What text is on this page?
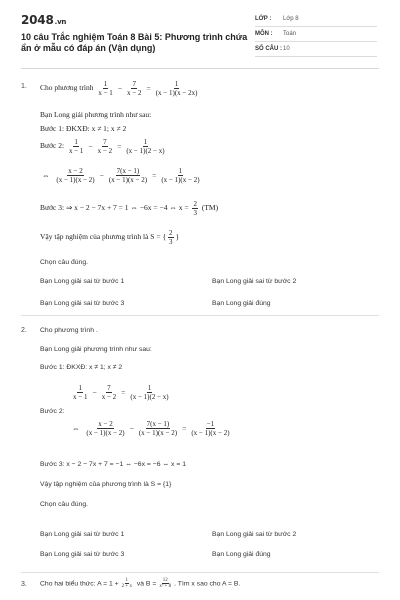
2048.vn
10 câu Trắc nghiệm Toán 8 Bài 5: Phương trình chứa ẩn ở mẫu có đáp án (Vận dụng)
LỚP : Lớp 8
MÔN : Toán
SỐ CÂU : 10
1. Cho phương trình $\frac{1}{x - 1} - \frac{7}{x - 2} = \frac{1}{(x - 1)(x - 2x)}$
Bạn Long giải phương trình như sau:
Bước 1: ĐKXĐ: x ≠ 1; x ≠ 2
Bước 2: $\frac{1}{x - 1} - \frac{7}{x - 2} = \frac{1}{(x - 1)(2 - x)}$
⇔ $\frac{x - 2}{(x - 1)(x - 2)} - \frac{7(x - 1)}{(x - 1)(x - 2)} = \frac{1}{(x - 1)(x - 2)}$
Bước 3: ⇒ x − 2 − 7x + 7 = 1 ⇔ −6x = −4 ⇔ $x = \frac{2}{3} (TM)$
Vậy tập nghiệm của phương trình là S = { $\frac{2}{3}$ }
Chọn câu đúng.
Bạn Long giải sai từ bước 1	Bạn Long giải sai từ bước 2
Bạn Long giải sai từ bước 3	Bạn Long giải đúng
2. Cho phương trình .
Bạn Long giải phương trình như sau:
Bước 1: ĐKXĐ: x ≠ 1; x ≠ 2
Bước 2:
$\frac{1}{x - 1} - \frac{7}{x - 2} = \frac{1}{(x - 1)(2 - x)}$
⇔ $\frac{x - 2}{(x - 1)(x - 2)} - \frac{7(x - 1)}{(x - 1)(x - 2)} = \frac{-1}{(x - 1)(x - 2)}$
Bước 3: x − 2 − 7x + 7 = −1 ⇔ −6x = −6 ⇔ x = 1
Vậy tập nghiệm của phương trình là S = {1}
Chọn câu đúng.
Bạn Long giải sai từ bước 1	Bạn Long giải sai từ bước 2
Bạn Long giải sai từ bước 3	Bạn Long giải đúng
3. Cho hai biểu thức: $A = 1 + \frac{1}{2 + x}$ và $B = \frac{12}{\text{x³ + 8}}$ . Tìm x sao cho A = B.
